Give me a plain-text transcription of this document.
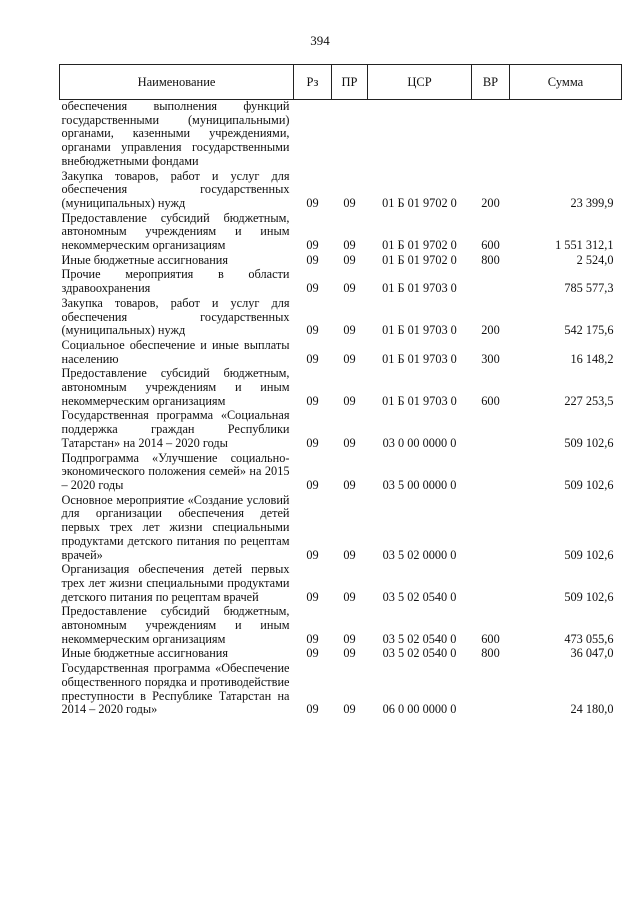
394
Наименование	Рз	ПР	ЦСР	ВР	Сумма
обеспечения выполнения функций государственными (муниципальными) органами, казенными учреждениями, органами управления государственными внебюджетными фондами					
Закупка товаров, работ и услуг для обеспечения государственных (муниципальных) нужд	09	09	01 Б 01 9702 0	200	23 399,9
Предоставление субсидий бюджетным, автономным учреждениям и иным некоммерческим организациям	09	09	01 Б 01 9702 0	600	1 551 312,1
Иные бюджетные ассигнования	09	09	01 Б 01 9702 0	800	2 524,0
Прочие мероприятия в области здравоохранения	09	09	01 Б 01 9703 0		785 577,3
Закупка товаров, работ и услуг для обеспечения государственных (муниципальных) нужд	09	09	01 Б 01 9703 0	200	542 175,6
Социальное обеспечение и иные выплаты населению	09	09	01 Б 01 9703 0	300	16 148,2
Предоставление субсидий бюджетным, автономным учреждениям и иным некоммерческим организациям	09	09	01 Б 01 9703 0	600	227 253,5
Государственная программа «Социальная поддержка граждан Республики Татарстан» на 2014 – 2020 годы	09	09	03 0 00 0000 0		509 102,6
Подпрограмма «Улучшение социально-экономического положения семей» на 2015 – 2020 годы	09	09	03 5 00 0000 0		509 102,6
Основное мероприятие «Создание условий для организации обеспечения детей первых трех лет жизни специальными продуктами детского питания по рецептам врачей»	09	09	03 5 02 0000 0		509 102,6
Организация обеспечения детей первых трех лет жизни специальными продуктами детского питания по рецептам врачей	09	09	03 5 02 0540 0		509 102,6
Предоставление субсидий бюджетным, автономным учреждениям и иным некоммерческим организациям	09	09	03 5 02 0540 0	600	473 055,6
Иные бюджетные ассигнования	09	09	03 5 02 0540 0	800	36 047,0
Государственная программа «Обеспечение общественного порядка и противодействие преступности в Республике Татарстан на 2014 – 2020 годы»	09	09	06 0 00 0000 0		24 180,0
